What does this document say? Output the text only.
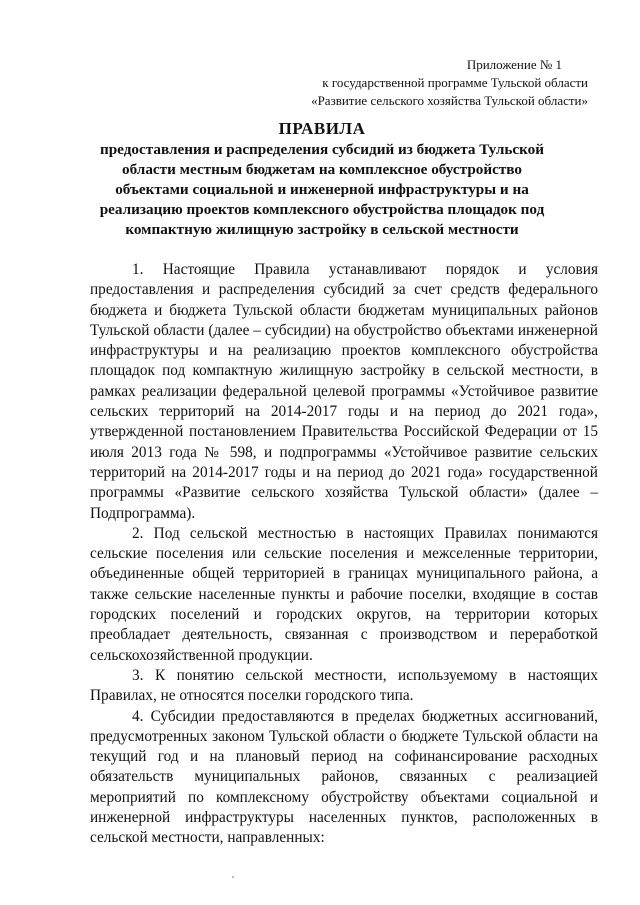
Приложение № 1
к государственной программе Тульской области
«Развитие сельского хозяйства Тульской области»
ПРАВИЛА
предоставления и распределения субсидий из бюджета Тульской области местным бюджетам на комплексное обустройство объектами социальной и инженерной инфраструктуры и на реализацию проектов комплексного обустройства площадок под компактную жилищную застройку в сельской местности

1. Настоящие Правила устанавливают порядок и условия предоставления и распределения субсидий за счет средств федерального бюджета и бюджета Тульской области бюджетам муниципальных районов Тульской области (далее – субсидии) на обустройство объектами инженерной инфраструктуры и на реализацию проектов комплексного обустройства площадок под компактную жилищную застройку в сельской местности, в рамках реализации федеральной целевой программы «Устойчивое развитие сельских территорий на 2014-2017 годы и на период до 2021 года», утвержденной постановлением Правительства Российской Федерации от 15 июля 2013 года № 598, и подпрограммы «Устойчивое развитие сельских территорий на 2014-2017 годы и на период до 2021 года» государственной программы «Развитие сельского хозяйства Тульской области» (далее – Подпрограмма).

2. Под сельской местностью в настоящих Правилах понимаются сельские поселения или сельские поселения и межселенные территории, объединенные общей территорией в границах муниципального района, а также сельские населенные пункты и рабочие поселки, входящие в состав городских поселений и городских округов, на территории которых преобладает деятельность, связанная с производством и переработкой сельскохозяйственной продукции.

3. К понятию сельской местности, используемому в настоящих Правилах, не относятся поселки городского типа.

4. Субсидии предоставляются в пределах бюджетных ассигнований, предусмотренных законом Тульской области о бюджете Тульской области на текущий год и на плановый период на софинансирование расходных обязательств муниципальных районов, связанных с реализацией мероприятий по комплексному обустройству объектами социальной и инженерной инфраструктуры населенных пунктов, расположенных в сельской местности, направленных:
